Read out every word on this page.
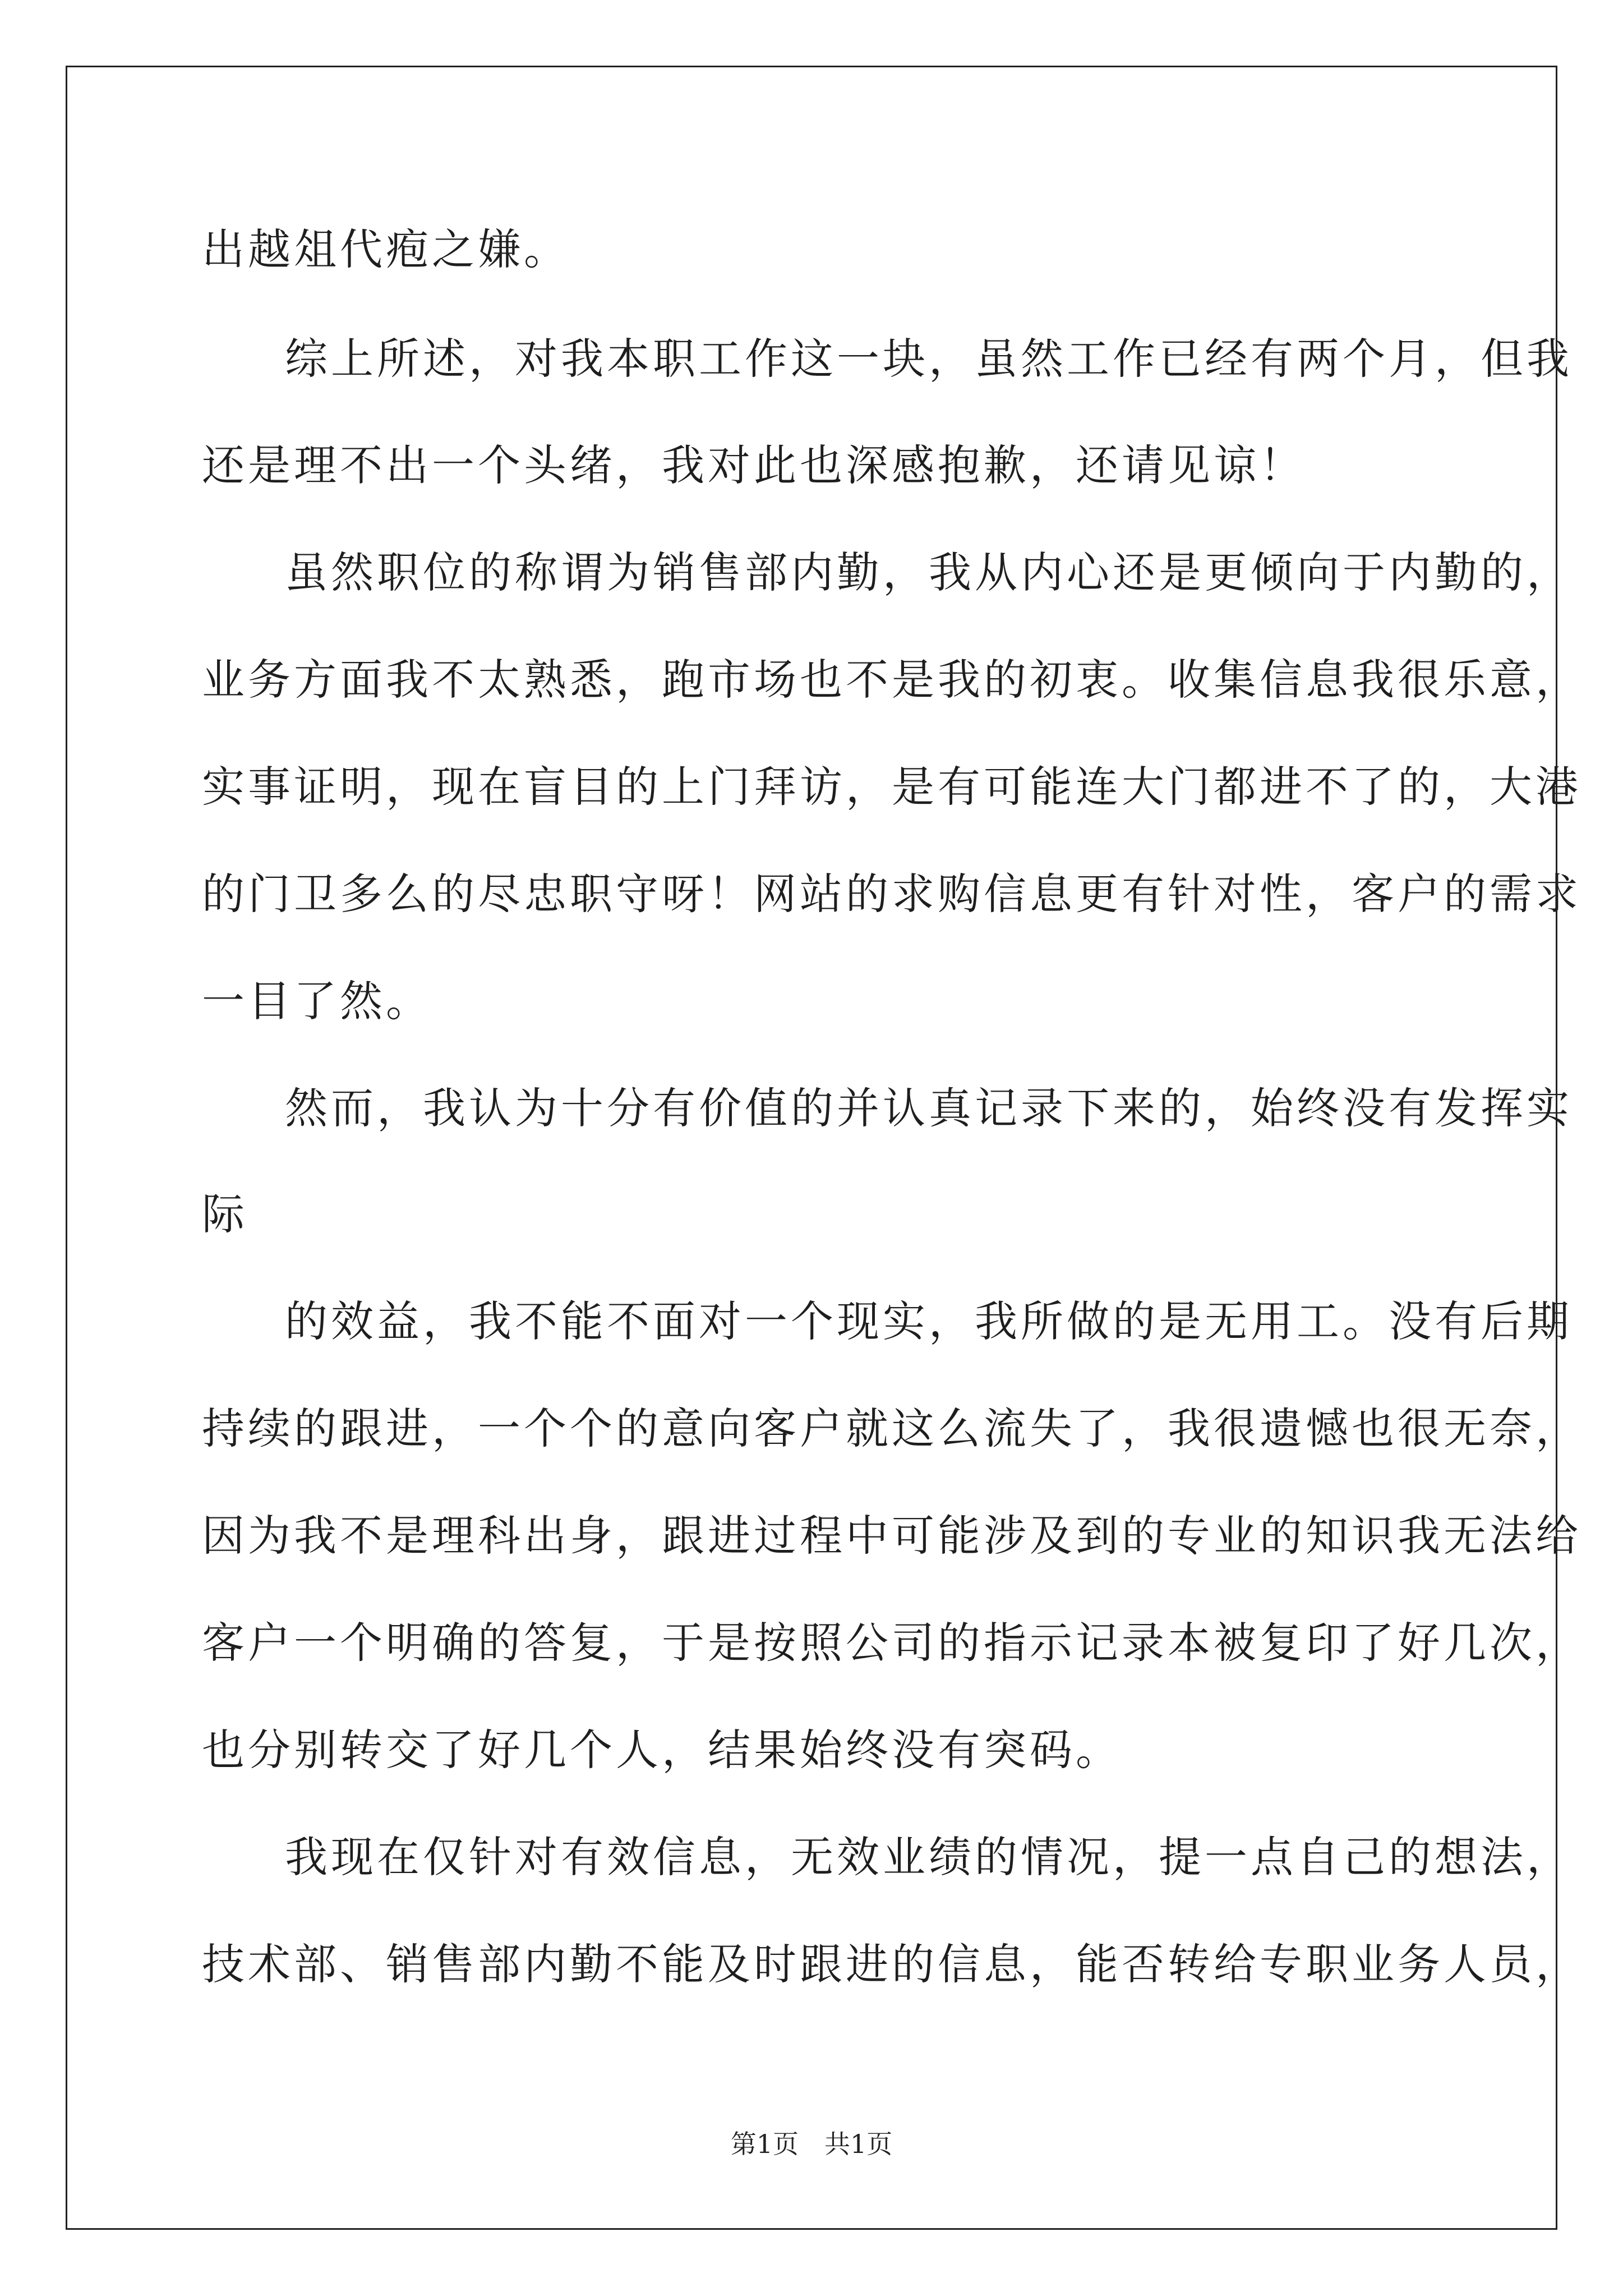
出越俎代疱之嫌。
综上所述，对我本职工作这一块，虽然工作已经有两个月，但我
还是理不出一个头绪，我对此也深感抱歉，还请见谅！
虽然职位的称谓为销售部内勤，我从内心还是更倾向于内勤的，
业务方面我不太熟悉，跑市场也不是我的初衷。收集信息我很乐意，
实事证明，现在盲目的上门拜访，是有可能连大门都进不了的，大港
的门卫多么的尽忠职守呀！网站的求购信息更有针对性，客户的需求
一目了然。
然而，我认为十分有价值的并认真记录下来的，始终没有发挥实
际
的效益，我不能不面对一个现实，我所做的是无用工。没有后期
持续的跟进，一个个的意向客户就这么流失了，我很遗憾也很无奈，
因为我不是理科出身，跟进过程中可能涉及到的专业的知识我无法给
客户一个明确的答复，于是按照公司的指示记录本被复印了好几次，
也分别转交了好几个人，结果始终没有突码。
我现在仅针对有效信息，无效业绩的情况，提一点自己的想法，
技术部、销售部内勤不能及时跟进的信息，能否转给专职业务人员，
第1页　共1页
